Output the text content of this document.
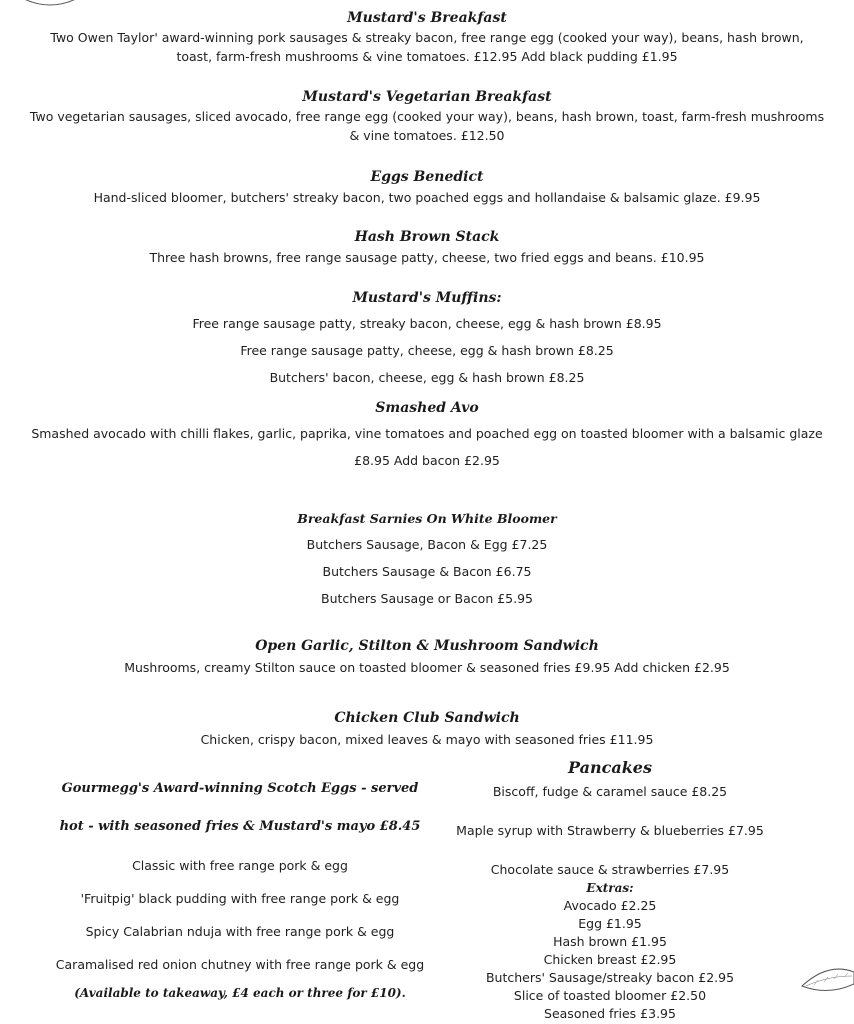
Mustard's Breakfast
Two Owen Taylor' award-winning pork sausages & streaky bacon, free range egg (cooked your way), beans, hash brown,
toast, farm-fresh mushrooms & vine tomatoes. £12.95 Add black pudding £1.95
Mustard's Vegetarian Breakfast
Two vegetarian sausages, sliced avocado, free range egg (cooked your way), beans, hash brown, toast, farm-fresh mushrooms
& vine tomatoes. £12.50
Eggs Benedict
Hand-sliced bloomer, butchers' streaky bacon, two poached eggs and hollandaise & balsamic glaze. £9.95
Hash Brown Stack
Three hash browns, free range sausage patty, cheese, two fried eggs and beans. £10.95
Mustard's Muffins:
Free range sausage patty, streaky bacon, cheese, egg & hash brown £8.95
Free range sausage patty, cheese, egg & hash brown £8.25
Butchers' bacon, cheese, egg & hash brown £8.25
Smashed Avo
Smashed avocado with chilli flakes, garlic, paprika, vine tomatoes and poached egg on toasted bloomer with a balsamic glaze
£8.95 Add bacon £2.95
Breakfast Sarnies On White Bloomer
Butchers Sausage, Bacon & Egg £7.25
Butchers Sausage & Bacon £6.75
Butchers Sausage or Bacon £5.95
Open Garlic, Stilton & Mushroom Sandwich
Mushrooms, creamy Stilton sauce on toasted bloomer & seasoned fries £9.95 Add chicken £2.95
Chicken Club Sandwich
Chicken, crispy bacon, mixed leaves & mayo with seasoned fries £11.95
Gourmegg's Award-winning Scotch Eggs - served
hot - with seasoned fries & Mustard's mayo £8.45
Classic with free range pork & egg
'Fruitpig' black pudding with free range pork & egg
Spicy Calabrian nduja with free range pork & egg
Caramalised red onion chutney with free range pork & egg
(Available to takeaway, £4 each or three for £10).
Pancakes
Biscoff, fudge & caramel sauce £8.25
Maple syrup with Strawberry & blueberries £7.95
Chocolate sauce & strawberries £7.95
Extras:
Avocado £2.25
Egg £1.95
Hash brown £1.95
Chicken breast £2.95
Butchers' Sausage/streaky bacon £2.95
Slice of toasted bloomer £2.50
Seasoned fries £3.95
